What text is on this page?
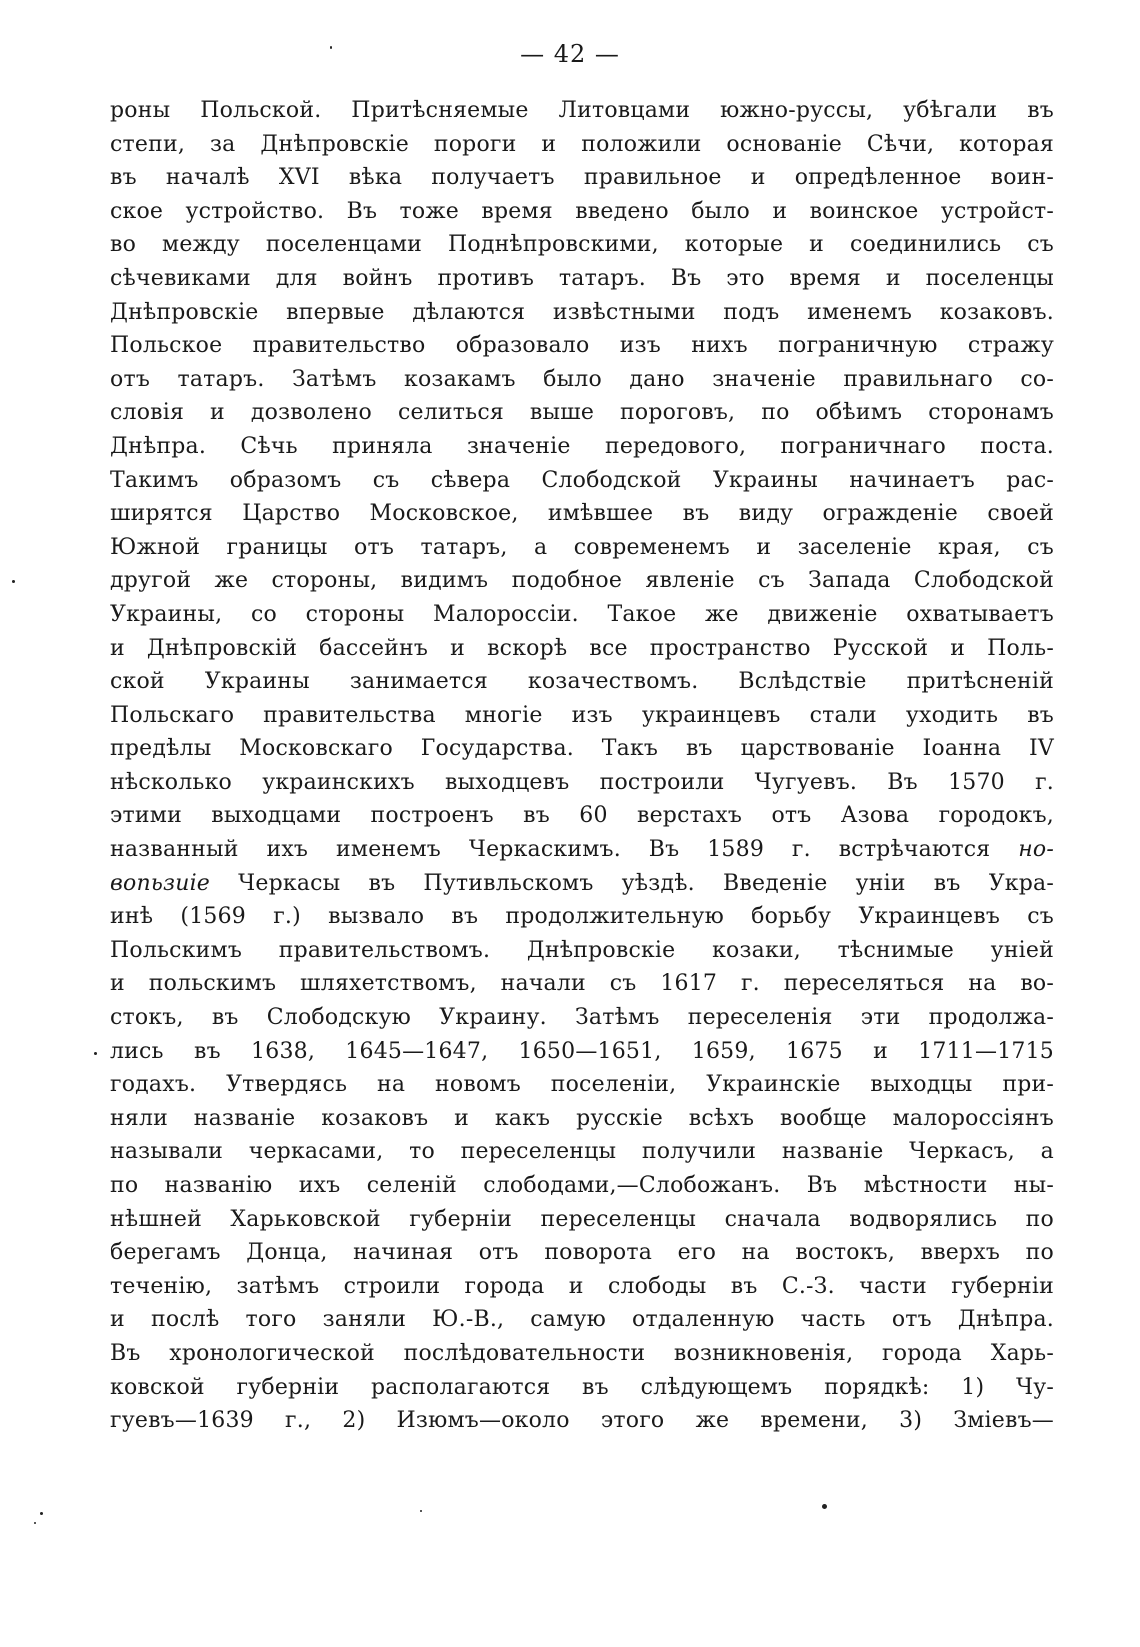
— 42 —
роны Польской. Притѣсняемые Литовцами южно-руссы, убѣгали въ
степи, за Днѣпровскіе пороги и положили основаніе Сѣчи, которая
въ началѣ XVI вѣка получаетъ правильное и опредѣленное воин-
ское устройство. Въ тоже время введено было и воинское устройст-
во между поселенцами Поднѣпровскими, которые и соединились съ
сѣчевиками для войнъ противъ татаръ. Въ это время и поселенцы
Днѣпровскіе впервые дѣлаются извѣстными подъ именемъ козаковъ.
Польское правительство образовало изъ нихъ пограничную стражу
отъ татаръ. Затѣмъ козакамъ было дано значеніе правильнаго со-
словія и дозволено селиться выше пороговъ, по обѣимъ сторонамъ
Днѣпра. Сѣчь приняла значеніе передового, пограничнаго поста.
Такимъ образомъ съ сѣвера Слободской Украины начинаетъ рас-
ширятся Царство Московское, имѣвшее въ виду огражденіе своей
Южной границы отъ татаръ, а современемъ и заселеніе края, съ
другой же стороны, видимъ подобное явленіе съ Запада Слободской
Украины, со стороны Малороссіи. Такое же движеніе охватываетъ
и Днѣпровскій бассейнъ и вскорѣ все пространство Русской и Поль-
ской Украины занимается козачествомъ. Вслѣдствіе притѣсненій
Польскаго правительства многіе изъ украинцевъ стали уходить въ
предѣлы Московскаго Государства. Такъ въ царствованіе Іоанна IV
нѣсколько украинскихъ выходцевъ построили Чугуевъ. Въ 1570 г.
этими выходцами построенъ въ 60 верстахъ отъ Азова городокъ,
названный ихъ именемъ Черкаскимъ. Въ 1589 г. встрѣчаются но-
вопьзиіе Черкасы въ Путивльскомъ уѣздѣ. Введеніе уніи въ Укра-
инѣ (1569 г.) вызвало въ продолжительную борьбу Украинцевъ съ
Польскимъ правительствомъ. Днѣпровскіе козаки, тѣснимые уніей
и польскимъ шляхетствомъ, начали съ 1617 г. переселяться на во-
стокъ, въ Слободскую Украину. Затѣмъ переселенія эти продолжа-
лись въ 1638, 1645—1647, 1650—1651, 1659, 1675 и 1711—1715
годахъ. Утвердясь на новомъ поселеніи, Украинскіе выходцы при-
няли названіе козаковъ и какъ русскіе всѣхъ вообще малороссіянъ
называли черкасами, то переселенцы получили названіе Черкасъ, а
по названію ихъ селеній слободами,—Слобожанъ. Въ мѣстности ны-
нѣшней Харьковской губерніи переселенцы сначала водворялись по
берегамъ Донца, начиная отъ поворота его на востокъ, вверхъ по
теченію, затѣмъ строили города и слободы въ С.-З. части губерніи
и послѣ того заняли Ю.-В., самую отдаленную часть отъ Днѣпра.
Въ хронологической послѣдовательности возникновенія, города Харь-
ковской губерніи располагаются въ слѣдующемъ порядкѣ: 1) Чу-
гуевъ—1639 г., 2) Изюмъ—около этого же времени, 3) Зміевъ—
